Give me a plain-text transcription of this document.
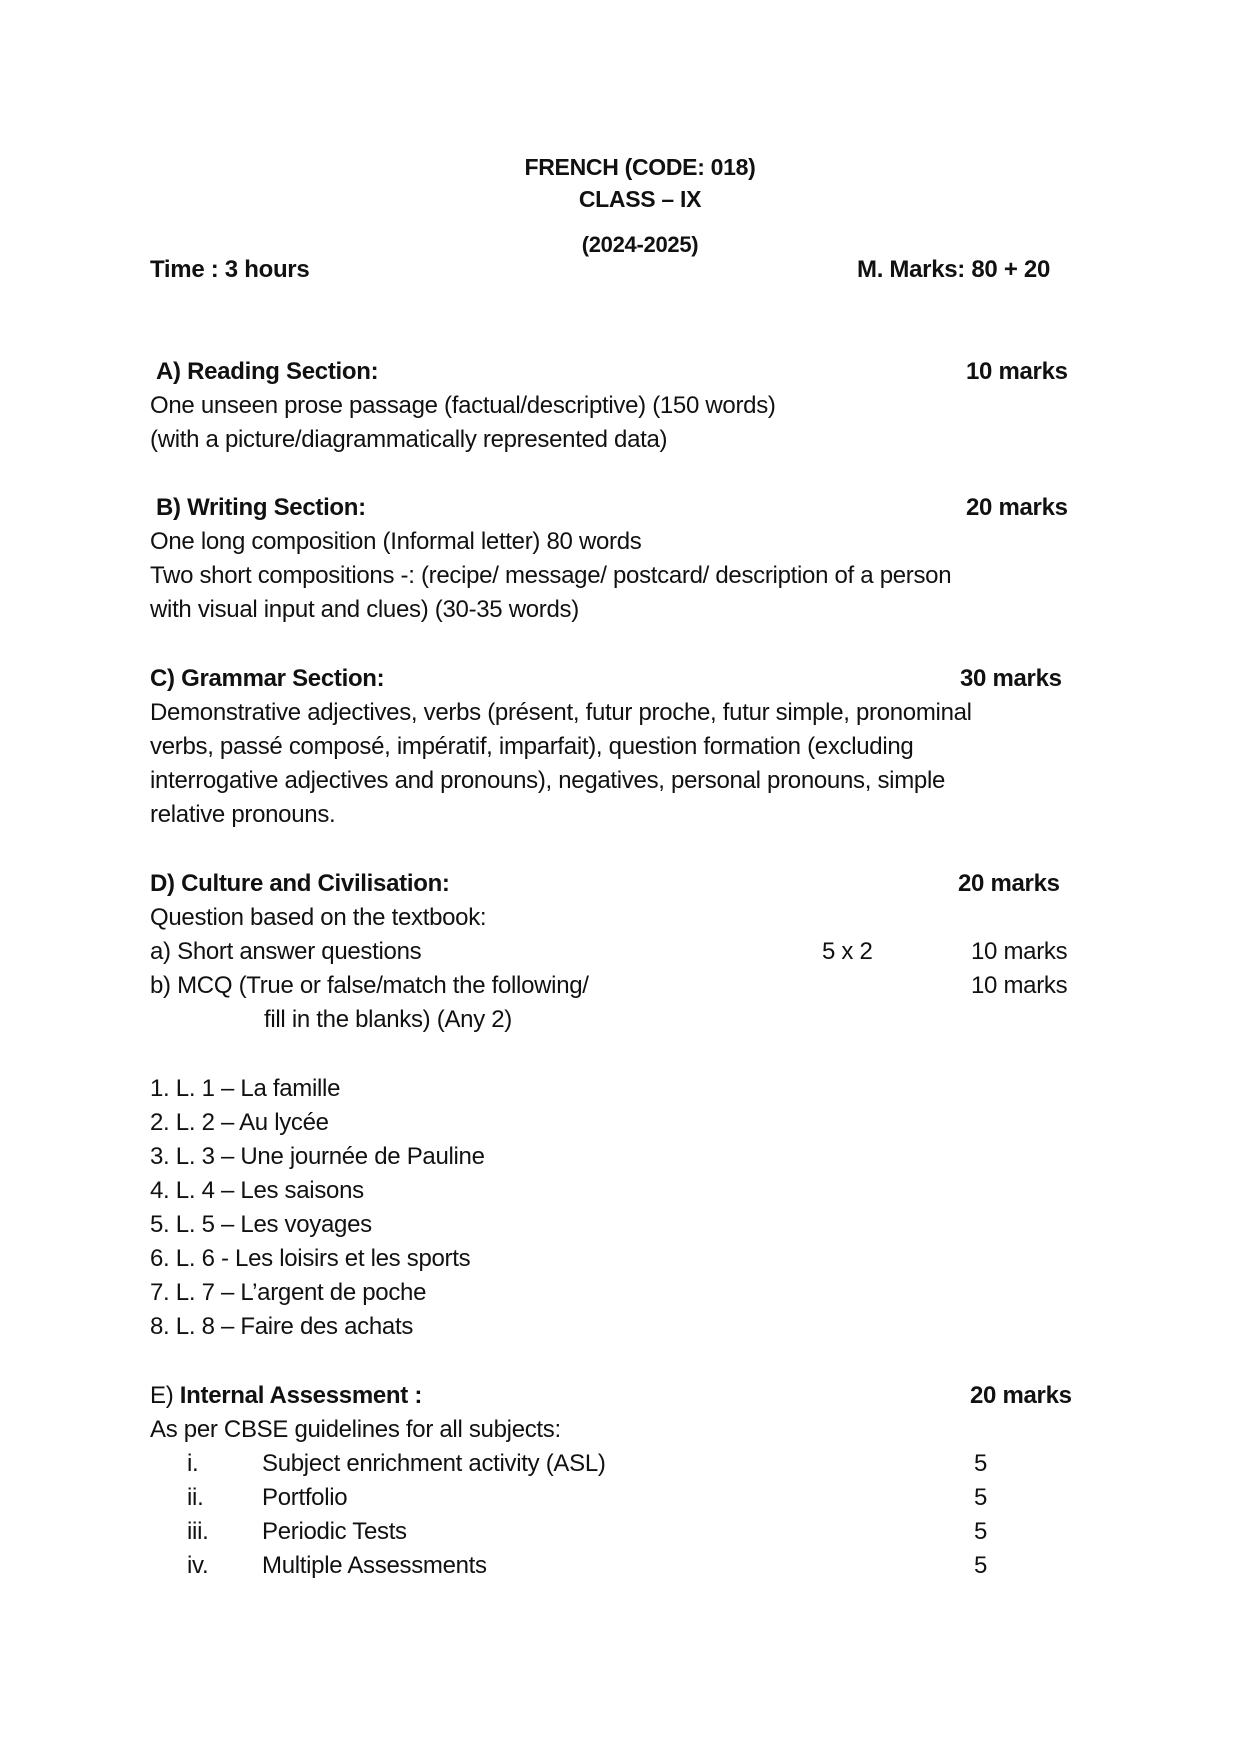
FRENCH (CODE: 018)
CLASS – IX
(2024-2025)
Time : 3 hours	M. Marks: 80 + 20
A) Reading Section:	10 marks
One unseen prose passage (factual/descriptive) (150 words)
(with a picture/diagrammatically represented data)
B) Writing Section:	20 marks
One long composition (Informal letter) 80 words
Two short compositions -: (recipe/ message/ postcard/ description of a person
with visual input and clues) (30-35 words)
C) Grammar Section:	30 marks
Demonstrative adjectives, verbs (présent, futur proche, futur simple, pronominal
verbs, passé composé, impératif, imparfait), question formation (excluding
interrogative adjectives and pronouns), negatives, personal pronouns, simple
relative pronouns.
D) Culture and Civilisation:	20 marks
Question based on the textbook:
a) Short answer questions	5 x 2	10 marks
b) MCQ (True or false/match the following/	10 marks
fill in the blanks) (Any 2)
1. L. 1 – La famille
2. L. 2 – Au lycée
3. L. 3 – Une journée de Pauline
4. L. 4 – Les saisons
5. L. 5 – Les voyages
6. L. 6 - Les loisirs et les sports
7. L. 7 – L’argent de poche
8. L. 8 – Faire des achats
E) Internal Assessment :	20 marks
As per CBSE guidelines for all subjects:
i.	Subject enrichment activity (ASL)	5
ii. Portfolio	5
iii. Periodic Tests	5
iv. Multiple Assessments	5
